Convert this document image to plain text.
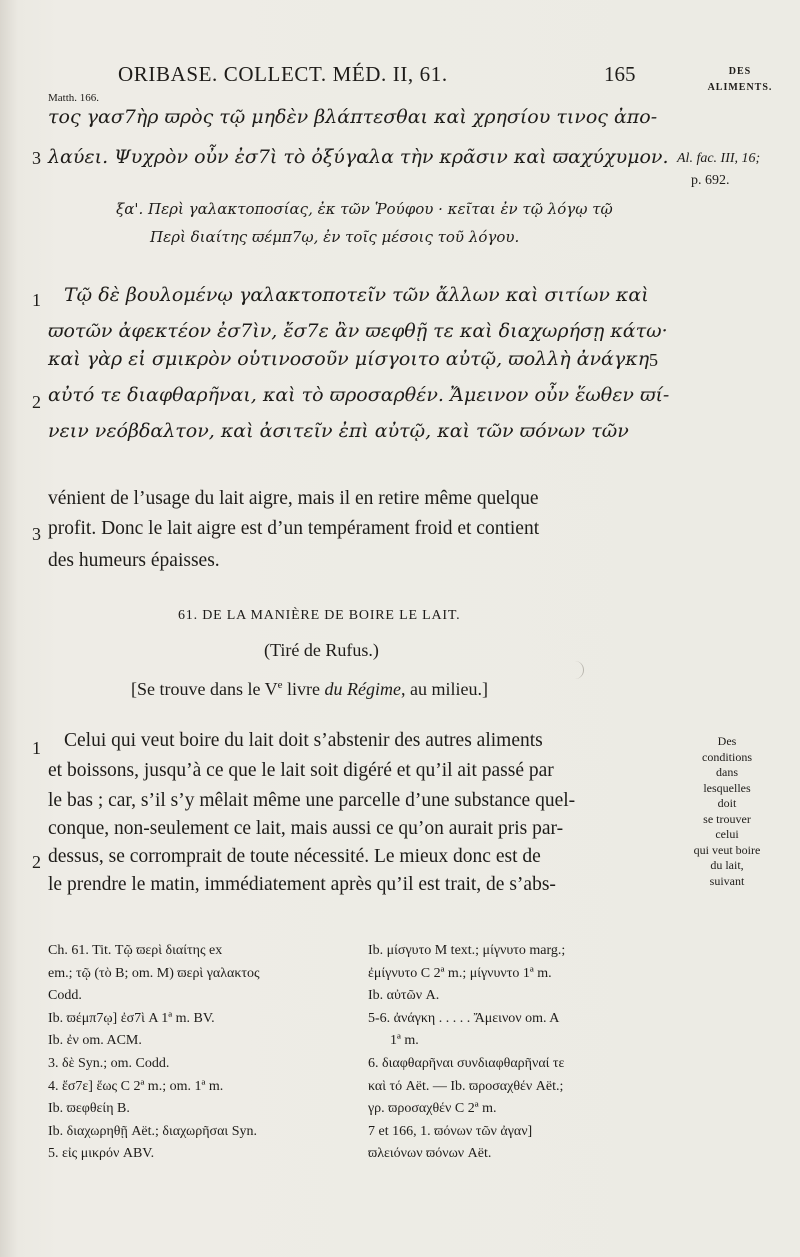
ORIBASE. COLLECT. MÉD. II, 61.	165	DES
ALIMENTS.
Matth. 166.
τος γασ7ὴρ ϖρὸς τῷ μηδὲν βλάπτεσθαι καὶ χρησίου τινος ἀπο-
3 λαύει. Ψυχρὸν οὖν ἐσ7ὶ τὸ ὀξύγαλα τὴν κρᾶσιν καὶ ϖαχύχυμον. Al. fac. III, 16;
p. 692.
ξα'. Περὶ γαλακτοποσίας, ἐκ τῶν Ῥούφου · κεῖται ἐν τῷ λόγῳ τῷ
Περὶ διαίτης ϖέμπ7ῳ, ἐν τοῖς μέσοις τοῦ λόγου.
1 Τῷ δὲ βουλομένῳ γαλακτοποτεῖν τῶν ἄλλων καὶ σιτίων καὶ
ϖοτῶν ἀφεκτέον ἐσ7ὶν, ἔσ7ε ἂν ϖεφθῇ τε καὶ διαχωρήσῃ κάτω·
καὶ γὰρ εἰ σμικρὸν οὑτινοσοῦν μίσγοιτο αὐτῷ, ϖολλὴ ἀνάγκη 5
2 αὐτό τε διαφθαρῆναι, καὶ τὸ ϖροσαρθέν. Ἄμεινον οὖν ἕωθεν ϖί-
νειν νεόβδαλτον, καὶ ἀσιτεῖν ἐπὶ αὐτῷ, καὶ τῶν ϖόνων τῶν
vénient de l’usage du lait aigre, mais il en retire même quelque
3 profit. Donc le lait aigre est d’un tempérament froid et contient
des humeurs épaisses.
61. DE LA MANIÈRE DE BOIRE LE LAIT.
(Tiré de Rufus.)
[Se trouve dans le Ve livre du Régime, au milieu.]
1 Celui qui veut boire du lait doit s’abstenir des autres aliments
et boissons, jusqu’à ce que le lait soit digéré et qu’il ait passé par
le bas ; car, s’il s’y mêlait même une parcelle d’une substance quel-
conque, non-seulement ce lait, mais aussi ce qu’on aurait pris par-
2 dessus, se corromprait de toute nécessité. Le mieux donc est de
le prendre le matin, immédiatement après qu’il est trait, de s’abs-
Des
conditions
dans
lesquelles
doit
se trouver
celui
qui veut boire
du lait,
suivant
Ch. 61. Tit. Τῷ ϖερὶ διαίτης ex
em.; τῷ (τὸ B; om. M) ϖερὶ γαλακτος
Codd.
Ib. ϖέμπ7ῳ] ἐσ7ὶ A 1ª m. BV.
Ib. ἐν om. ACM.
3. δὲ Syn.; om. Codd.
4. ἔσ7ε] ἕως C 2ª m.; om. 1ª m.
Ib. ϖεφθείη B.
Ib. διαχωρηθῇ Aët.; διαχωρῆσαι Syn.
5. εἰς μικρόν ABV.
Ib. μίσγυτο M text.; μίγνυτο marg.;
ἐμίγνυτο C 2ª m.; μίγνυντο 1ª m.
Ib. αὐτῶν A.
5-6. ἀνάγκη . . . . . Ἄμεινον om. A
1ª m.
6. διαφθαρῆναι συνδιαφθαρῆναί τε
καὶ τό Aët. — Ib. ϖροσαχθέν Aët.;
γρ. ϖροσαχθέν C 2ª m.
7 et 166, 1. ϖόνων τῶν ἀγαν]
ϖλειόνων ϖόνων Aët.
